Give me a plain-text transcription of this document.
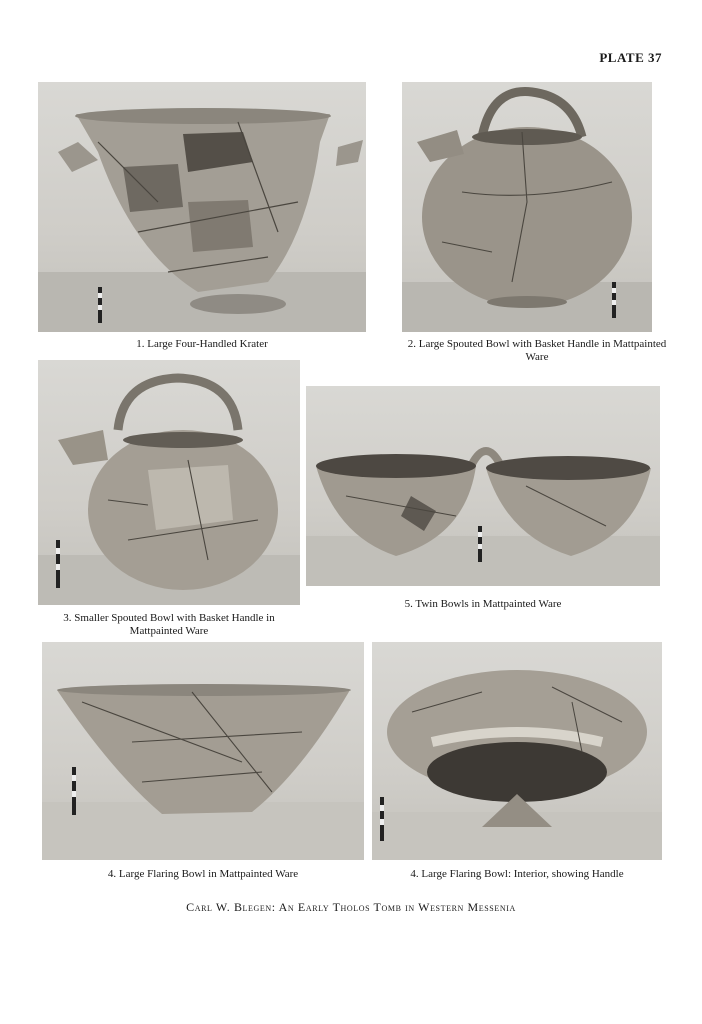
PLATE 37
1. Large Four-Handled Krater	2. Large Spouted Bowl with Basket Handle in Mattpainted Ware
3. Smaller Spouted Bowl with Basket Handle in Mattpainted Ware
5. Twin Bowls in Mattpainted Ware
4. Large Flaring Bowl in Mattpainted Ware	4. Large Flaring Bowl: Interior, showing Handle
Carl W. Blegen: An Early Tholos Tomb in Western Messenia
